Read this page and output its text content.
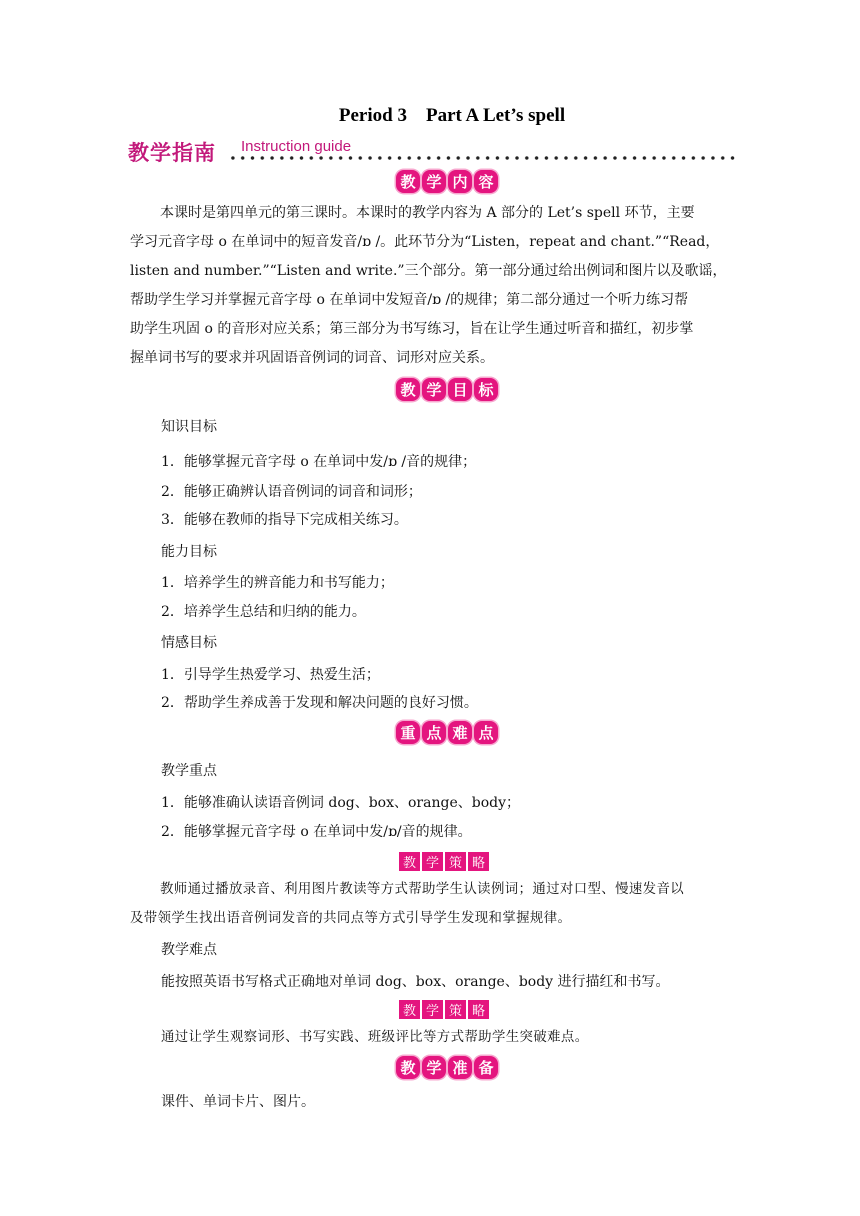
Period 3 Part A Let’s spell
教学指南 Instruction guide
教 学 内 容
本课时是第四单元的第三课时。本课时的教学内容为 A 部分的 Let’s spell 环节，主要
学习元音字母 o 在单词中的短音发音/ɒ /。此环节分为“Listen，repeat and chant.”“Read，
listen and number.”“Listen and write.”三个部分。第一部分通过给出例词和图片以及歌谣，
帮助学生学习并掌握元音字母 o 在单词中发短音/ɒ /的规律；第二部分通过一个听力练习帮
助学生巩固 o 的音形对应关系；第三部分为书写练习，旨在让学生通过听音和描红，初步掌
握单词书写的要求并巩固语音例词的词音、词形对应关系。
教 学 目 标
知识目标
1．能够掌握元音字母 o 在单词中发/ɒ /音的规律；
2．能够正确辨认语音例词的词音和词形；
3．能够在教师的指导下完成相关练习。
能力目标
1．培养学生的辨音能力和书写能力；
2．培养学生总结和归纳的能力。
情感目标
1．引导学生热爱学习、热爱生活；
2．帮助学生养成善于发现和解决问题的良好习惯。
重 点 难 点
教学重点
1．能够准确认读语音例词 dog、box、orange、body；
2．能够掌握元音字母 o 在单词中发/ɒ/音的规律。
教 学 策 略
教师通过播放录音、利用图片教读等方式帮助学生认读例词；通过对口型、慢速发音以
及带领学生找出语音例词发音的共同点等方式引导学生发现和掌握规律。
教学难点
能按照英语书写格式正确地对单词 dog、box、orange、body 进行描红和书写。
教 学 策 略
通过让学生观察词形、书写实践、班级评比等方式帮助学生突破难点。
教 学 准 备
课件、单词卡片、图片。
